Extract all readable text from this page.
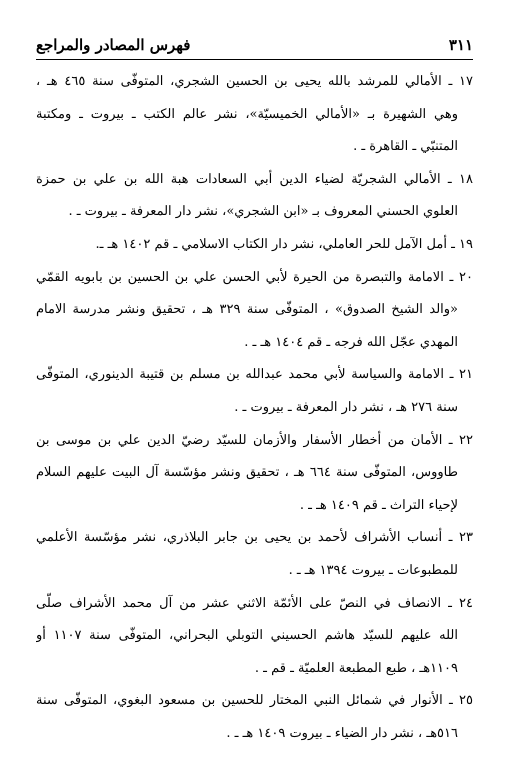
٣١١
فهرس المصادر والمراجع
١٧ ـ الأمالي للمرشد بالله يحيى بن الحسين الشجري، المتوفّى سنة ٤٦٥ هـ ،
وهي الشهيرة بـ «الأمالي الخميسيّة»، نشر عالم الكتب ـ بيروت ـ ومكتبة
المتنبّي ـ القاهرة ـ .
١٨ ـ الأمالي الشجريّة لضياء الدين أبي السعادات هبة الله بن علي بن حمزة
العلوي الحسني المعروف بـ «ابن الشجري»، نشر دار المعرفة ـ بيروت ـ .
١٩ ـ أمل الآمل للحر العاملي، نشر دار الكتاب الاسلامي ـ قم ١٤٠٢ هـ ـ.
٢٠ ـ الامامة والتبصرة من الحيرة لأبي الحسن علي بن الحسين بن بابويه القمّي
«والد الشيخ الصدوق» ، المتوفّى سنة ٣٢٩ هـ ، تحقيق ونشر مدرسة الامام
المهدي عجّل الله فرجه ـ قم ١٤٠٤ هـ ـ .
٢١ ـ الامامة والسياسة لأبي محمد عبدالله بن مسلم بن قتيبة الدينوري، المتوفّى
سنة ٢٧٦ هـ ، نشر دار المعرفة ـ بيروت ـ .
٢٢ ـ الأمان من أخطار الأسفار والأزمان للسيّد رضيّ الدين علي بن موسى بن
طاووس، المتوفّى سنة ٦٦٤ هـ ، تحقيق ونشر مؤسّسة آل البيت عليهم السلام
لإحياء التراث ـ قم ١٤٠٩ هـ ـ .
٢٣ ـ أنساب الأشراف لأحمد بن يحيى بن جابر البلاذري، نشر مؤسّسة الأعلمي
للمطبوعات ـ بيروت ١٣٩٤ هـ ـ .
٢٤ ـ الانصاف في النصّ على الأئمّة الاثني عشر من آل محمد الأشراف صلّى
الله عليهم للسيّد هاشم الحسيني التوبلي البحراني، المتوفّى سنة ١١٠٧ أو
١١٠٩هـ ، طبع المطبعة العلميّة ـ قم ـ .
٢٥ ـ الأنوار في شمائل النبي المختار للحسين بن مسعود البغوي، المتوفّى سنة
٥١٦هـ ، نشر دار الضياء ـ بيروت ١٤٠٩ هـ ـ .
